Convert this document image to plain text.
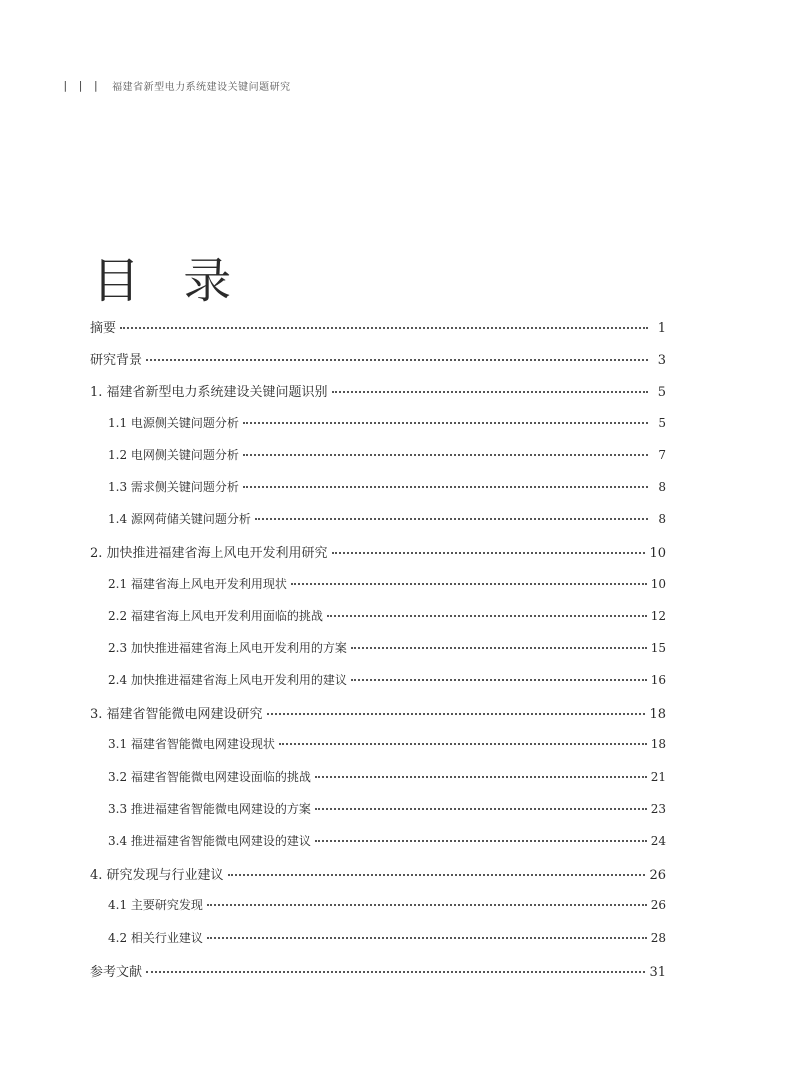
| | | 福建省新型电力系统建设关键问题研究
目 录
摘要	1
研究背景	3
1. 福建省新型电力系统建设关键问题识别	5
1.1 电源侧关键问题分析	5
1.2 电网侧关键问题分析	7
1.3 需求侧关键问题分析	8
1.4 源网荷储关键问题分析	8
2. 加快推进福建省海上风电开发利用研究	10
2.1 福建省海上风电开发利用现状	10
2.2 福建省海上风电开发利用面临的挑战	12
2.3 加快推进福建省海上风电开发利用的方案	15
2.4 加快推进福建省海上风电开发利用的建议	16
3. 福建省智能微电网建设研究	18
3.1 福建省智能微电网建设现状	18
3.2 福建省智能微电网建设面临的挑战	21
3.3 推进福建省智能微电网建设的方案	23
3.4 推进福建省智能微电网建设的建议	24
4. 研究发现与行业建议	26
4.1 主要研究发现	26
4.2 相关行业建议	28
参考文献	31
